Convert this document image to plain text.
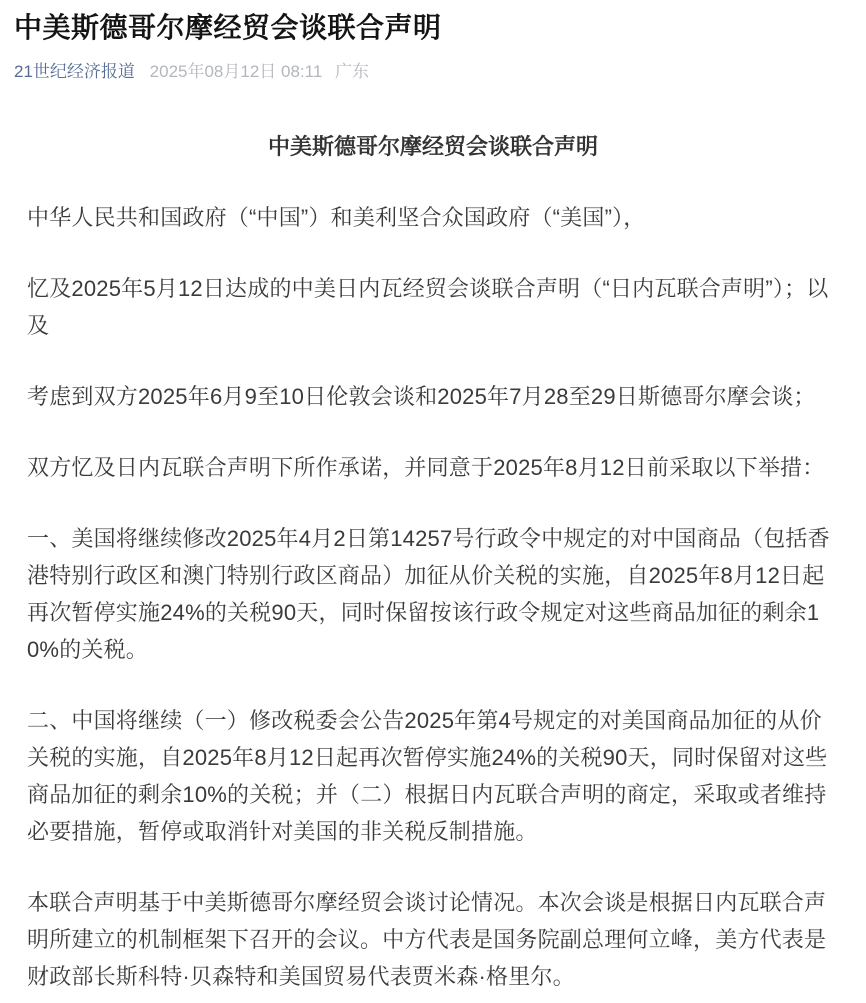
中美斯德哥尔摩经贸会谈联合声明
21世纪经济报道 2025年08月12日 08:11 广东
中美斯德哥尔摩经贸会谈联合声明

中华人民共和国政府（“中国”）和美利坚合众国政府（“美国”），

忆及2025年5月12日达成的中美日内瓦经贸会谈联合声明（“日内瓦联合声明”）；以及

考虑到双方2025年6月9至10日伦敦会谈和2025年7月28至29日斯德哥尔摩会谈；

双方忆及日内瓦联合声明下所作承诺，并同意于2025年8月12日前采取以下举措：

一、美国将继续修改2025年4月2日第14257号行政令中规定的对中国商品（包括香港特别行政区和澳门特别行政区商品）加征从价关税的实施，自2025年8月12日起再次暂停实施24%的关税90天，同时保留按该行政令规定对这些商品加征的剩余10%的关税。

二、中国将继续（一）修改税委会公告2025年第4号规定的对美国商品加征的从价关税的实施，自2025年8月12日起再次暂停实施24%的关税90天，同时保留对这些商品加征的剩余10%的关税；并（二）根据日内瓦联合声明的商定，采取或者维持必要措施，暂停或取消针对美国的非关税反制措施。

本联合声明基于中美斯德哥尔摩经贸会谈讨论情况。本次会谈是根据日内瓦联合声明所建立的机制框架下召开的会议。中方代表是国务院副总理何立峰，美方代表是财政部长斯科特·贝森特和美国贸易代表贾米森·格里尔。
